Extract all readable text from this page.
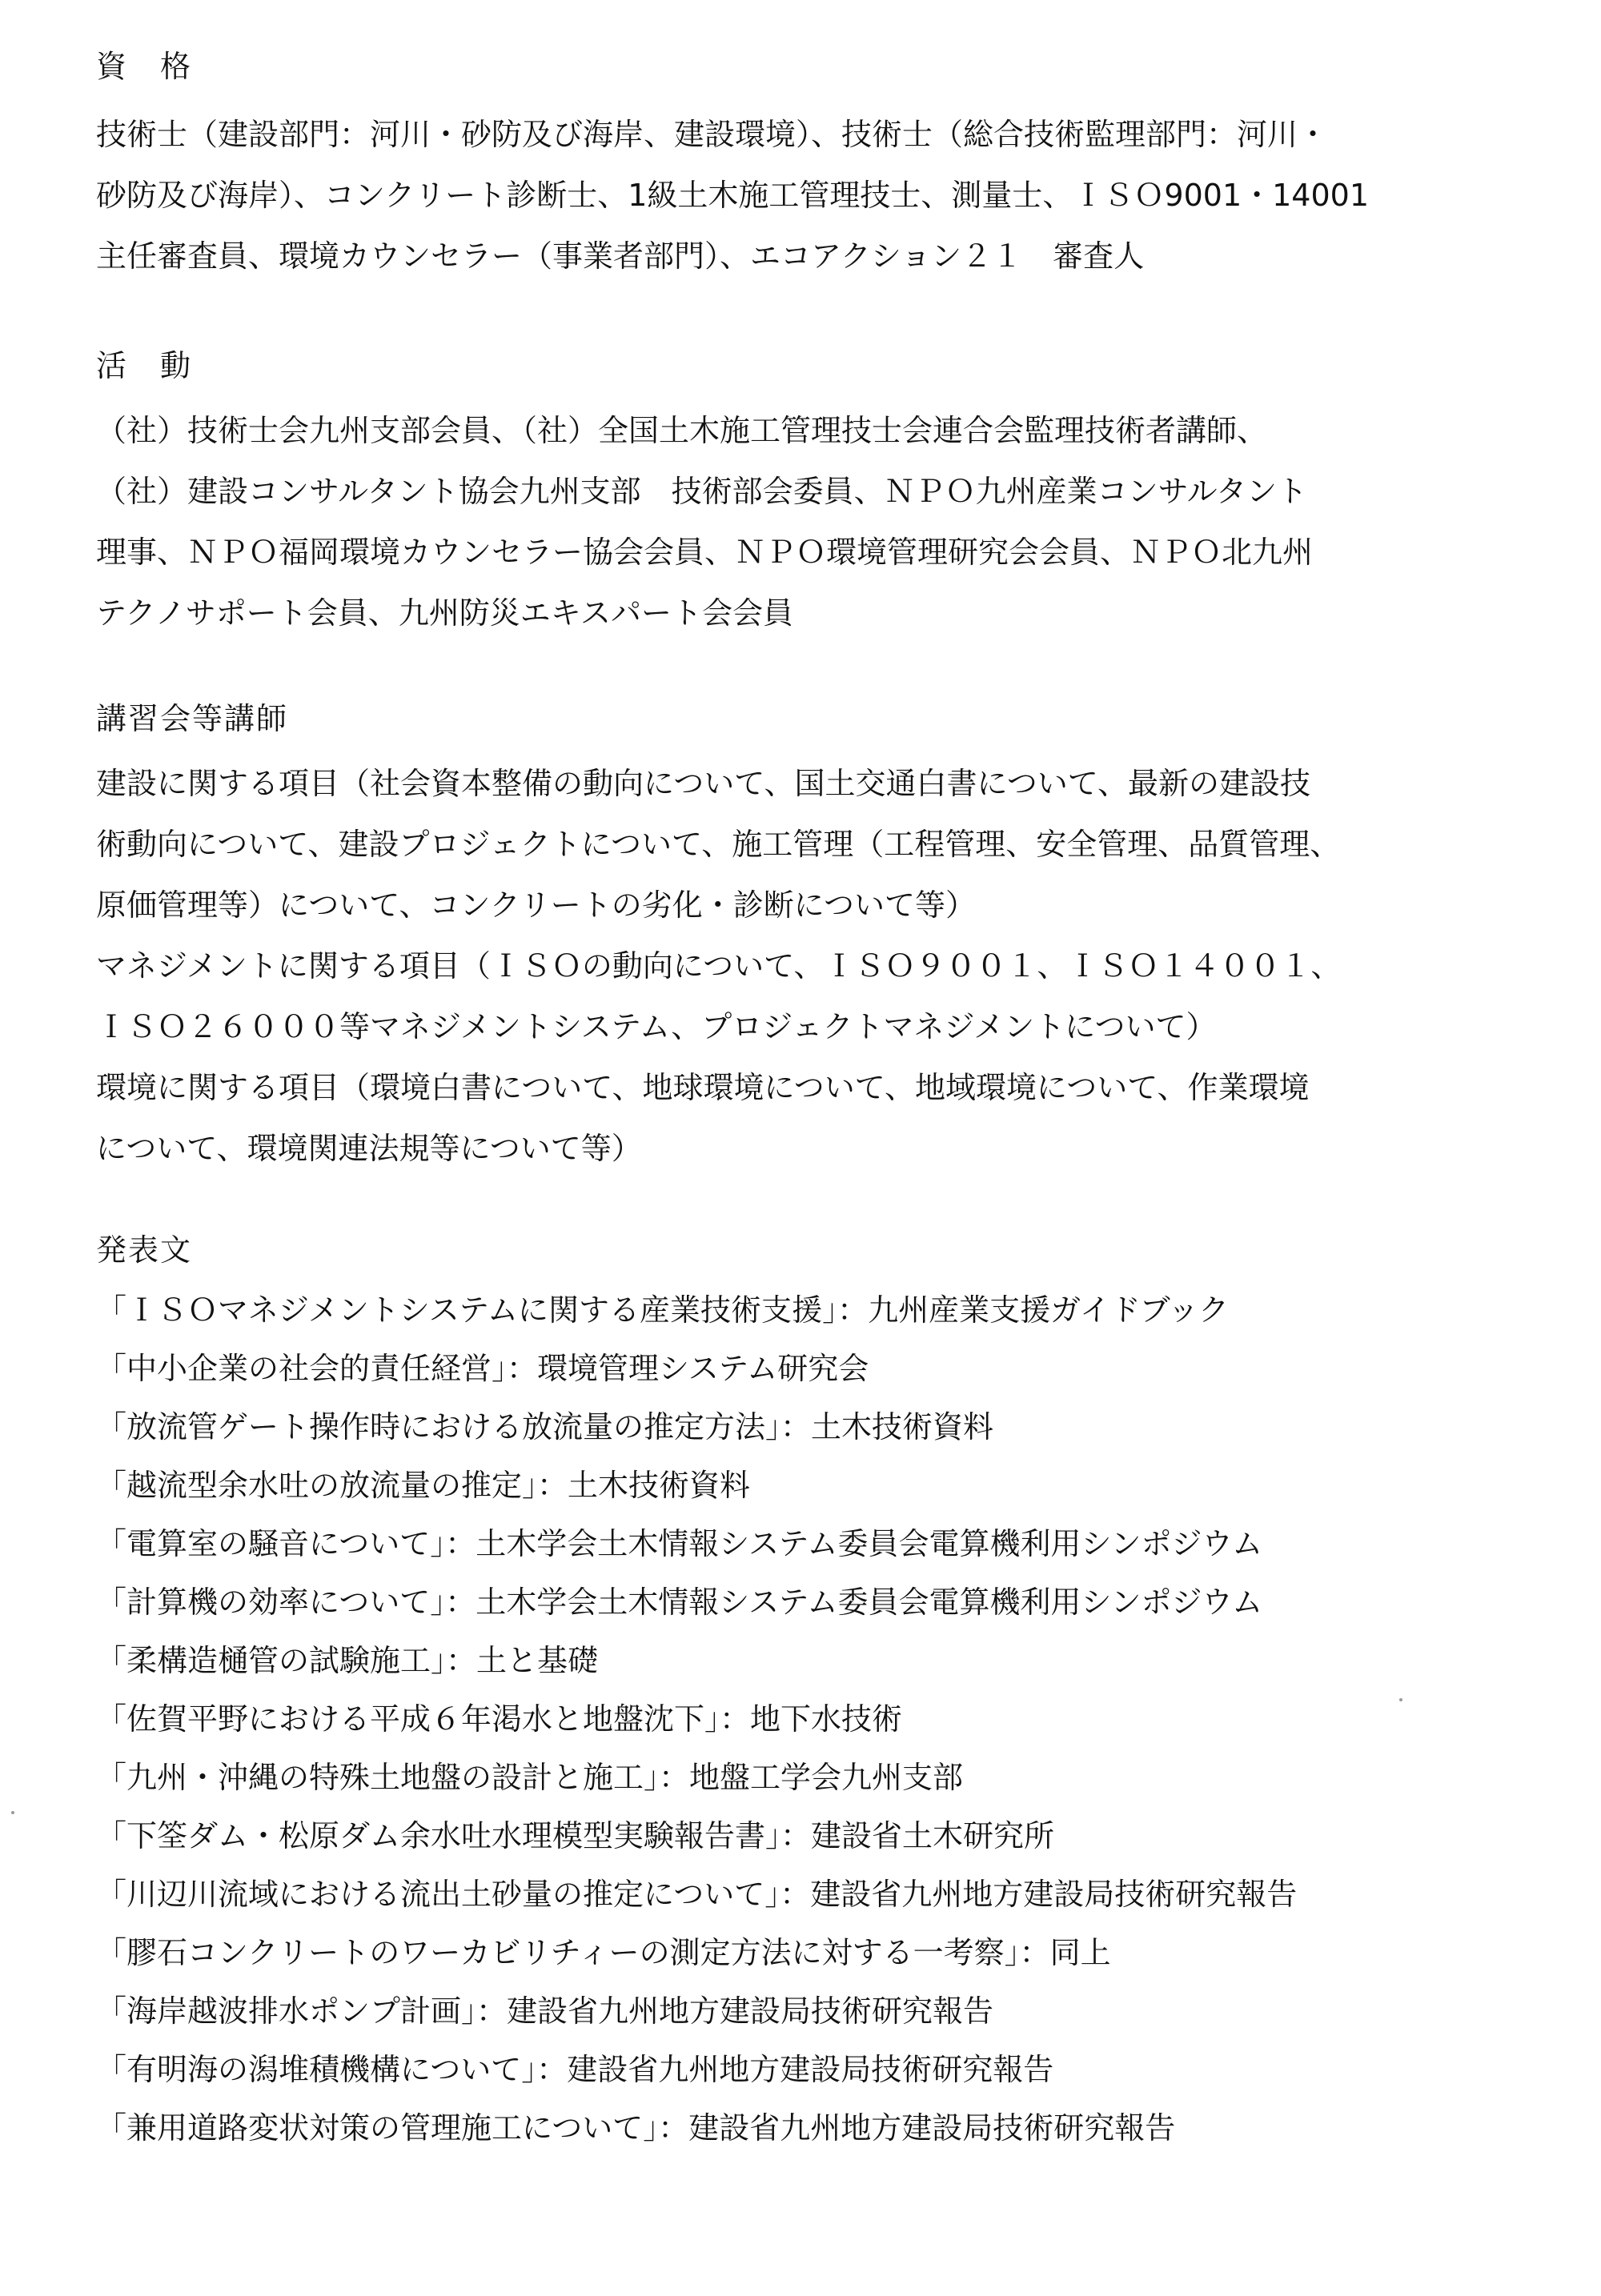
資　格
技術士（建設部門：河川・砂防及び海岸、建設環境）、技術士（総合技術監理部門：河川・
砂防及び海岸）、コンクリート診断士、1級土木施工管理技士、測量士、ＩＳＯ9001・14001
主任審査員、環境カウンセラー（事業者部門）、エコアクション２１　審査人
活　動
（社）技術士会九州支部会員、（社）全国土木施工管理技士会連合会監理技術者講師、
（社）建設コンサルタント協会九州支部　技術部会委員、ＮＰＯ九州産業コンサルタント
理事、ＮＰＯ福岡環境カウンセラー協会会員、ＮＰＯ環境管理研究会会員、ＮＰＯ北九州
テクノサポート会員、九州防災エキスパート会会員
講習会等講師
建設に関する項目（社会資本整備の動向について、国土交通白書について、最新の建設技
術動向について、建設プロジェクトについて、施工管理（工程管理、安全管理、品質管理、
原価管理等）について、コンクリートの劣化・診断について等）
マネジメントに関する項目（ＩＳＯの動向について、ＩＳＯ９００１、ＩＳＯ１４００１、
ＩＳＯ２６０００等マネジメントシステム、プロジェクトマネジメントについて）
環境に関する項目（環境白書について、地球環境について、地域環境について、作業環境
について、環境関連法規等について等）
発表文
「ＩＳＯマネジメントシステムに関する産業技術支援」：九州産業支援ガイドブック
「中小企業の社会的責任経営」：環境管理システム研究会
「放流管ゲート操作時における放流量の推定方法」：土木技術資料
「越流型余水吐の放流量の推定」：土木技術資料
「電算室の騒音について」：土木学会土木情報システム委員会電算機利用シンポジウム
「計算機の効率について」：土木学会土木情報システム委員会電算機利用シンポジウム
「柔構造樋管の試験施工」：土と基礎
「佐賀平野における平成６年渇水と地盤沈下」：地下水技術
「九州・沖縄の特殊土地盤の設計と施工」：地盤工学会九州支部
「下筌ダム・松原ダム余水吐水理模型実験報告書」：建設省土木研究所
「川辺川流域における流出土砂量の推定について」：建設省九州地方建設局技術研究報告
「膠石コンクリートのワーカビリチィーの測定方法に対する一考察」：同上
「海岸越波排水ポンプ計画」：建設省九州地方建設局技術研究報告
「有明海の潟堆積機構について」：建設省九州地方建設局技術研究報告
「兼用道路変状対策の管理施工について」：建設省九州地方建設局技術研究報告
